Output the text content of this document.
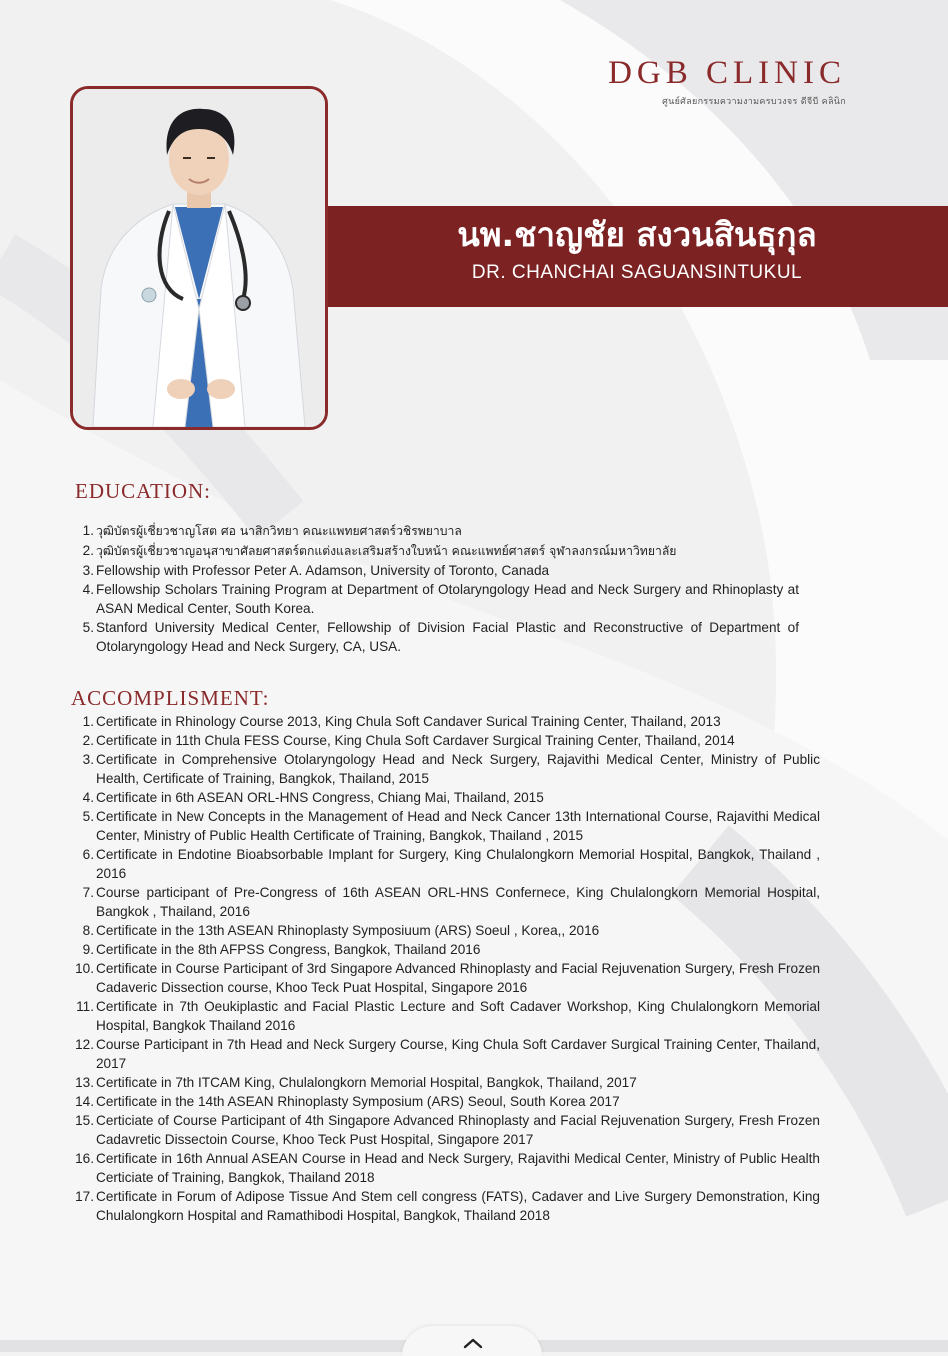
DGB CLINIC
ศูนย์ศัลยกรรมความงามครบวงจร ดีจีบี คลินิก
นพ.ชาญชัย สงวนสินธุกุล
DR. CHANCHAI SAGUANSINTUKUL
EDUCATION:
1. วุฒิบัตรผู้เชี่ยวชาญโสต ศอ นาสิกวิทยา คณะแพทยศาสตร์วชิรพยาบาล
2. วุฒิบัตรผู้เชี่ยวชาญอนุสาขาศัลยศาสตร์ตกแต่งและเสริมสร้างใบหน้า คณะแพทย์ศาสตร์ จุฬาลงกรณ์มหาวิทยาลัย
3. Fellowship with Professor Peter A. Adamson, University of Toronto, Canada
4. Fellowship Scholars Training Program at Department of Otolaryngology Head and Neck Surgery and Rhinoplasty at ASAN Medical Center, South Korea.
5. Stanford University Medical Center, Fellowship of Division Facial Plastic and Reconstructive of Department of Otolaryngology Head and Neck Surgery, CA, USA.
ACCOMPLISMENT:
1. Certificate in Rhinology Course 2013, King Chula Soft Candaver Surical Training Center, Thailand, 2013
2. Certificate in 11th Chula FESS Course, King Chula Soft Cardaver Surgical Training Center, Thailand, 2014
3. Certificate in Comprehensive Otolaryngology Head and Neck Surgery, Rajavithi Medical Center, Ministry of Public Health, Certificate of Training, Bangkok, Thailand, 2015
4. Certificate in 6th ASEAN ORL-HNS Congress, Chiang Mai, Thailand, 2015
5. Certificate in New Concepts in the Management of Head and Neck Cancer 13th International Course, Rajavithi Medical Center, Ministry of Public Health Certificate of Training, Bangkok, Thailand , 2015
6. Certificate in Endotine Bioabsorbable Implant for Surgery, King Chulalongkorn Memorial Hospital, Bangkok, Thailand , 2016
7. Course participant of Pre-Congress of 16th ASEAN ORL-HNS Confernece, King Chulalongkorn Memorial Hospital, Bangkok , Thailand, 2016
8. Certificate in the 13th ASEAN Rhinoplasty Symposiuum (ARS) Soeul , Korea,, 2016
9. Certificate in the 8th AFPSS Congress, Bangkok, Thailand 2016
10. Certificate in Course Participant of 3rd Singapore Advanced Rhinoplasty and Facial Rejuvenation Surgery, Fresh Frozen Cadaveric Dissection course, Khoo Teck Puat Hospital, Singapore 2016
11. Certificate in 7th Oeukiplastic and Facial Plastic Lecture and Soft Cadaver Workshop, King Chulalongkorn Memorial Hospital, Bangkok Thailand 2016
12. Course Participant in 7th Head and Neck Surgery Course, King Chula Soft Cardaver Surgical Training Center, Thailand, 2017
13. Certificate in 7th ITCAM King, Chulalongkorn Memorial Hospital, Bangkok, Thailand, 2017
14. Certificate in the 14th ASEAN Rhinoplasty Symposium (ARS) Seoul, South Korea 2017
15. Certiciate of Course Participant of 4th Singapore Advanced Rhinoplasty and Facial Rejuvenation Surgery, Fresh Frozen Cadavretic Dissectoin Course, Khoo Teck Pust Hospital, Singapore 2017
16. Certificate in 16th Annual ASEAN Course in Head and Neck Surgery, Rajavithi Medical Center, Ministry of Public Health Certiciate of Training, Bangkok, Thailand 2018
17. Certificate in Forum of Adipose Tissue And Stem cell congress (FATS), Cadaver and Live Surgery Demonstration, King Chulalongkorn Hospital and Ramathibodi Hospital, Bangkok, Thailand 2018
